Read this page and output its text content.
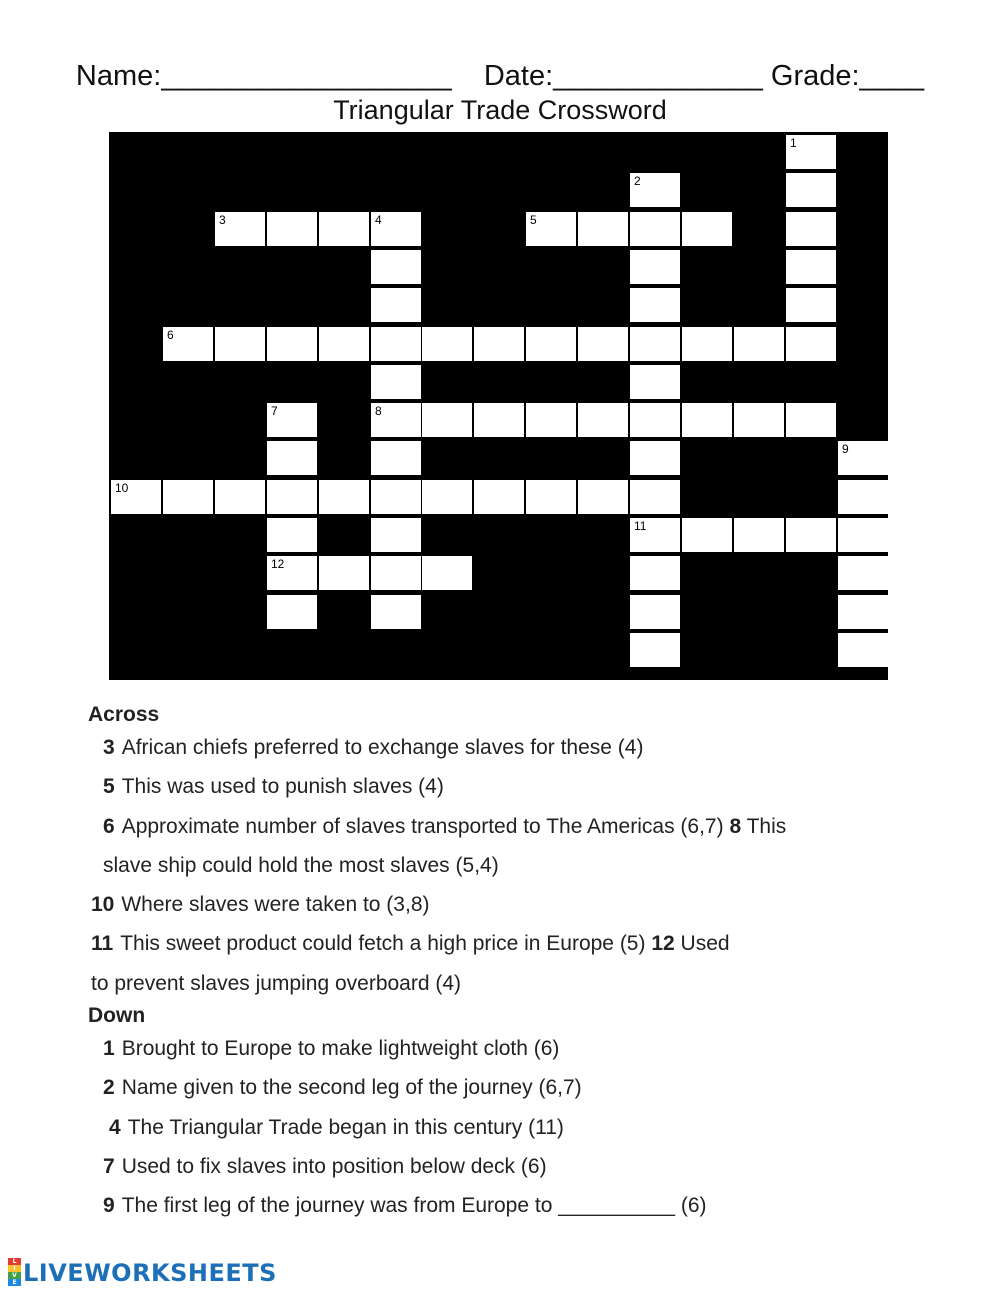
Name:__________________    Date:_____________ Grade:____
Triangular Trade Crossword
1
2
3	4	5
6
7	8
9
10
11
12
Across
3 African chiefs preferred to exchange slaves for these (4)
5 This was used to punish slaves (4)
6 Approximate number of slaves transported to The Americas (6,7) 8 This
slave ship could hold the most slaves (5,4)
10 Where slaves were taken to (3,8)
11 This sweet product could fetch a high price in Europe (5) 12 Used
to prevent slaves jumping overboard (4)
Down
1 Brought to Europe to make lightweight cloth (6)
2 Name given to the second leg of the journey (6,7)
4 The Triangular Trade began in this century (11)
7 Used to fix slaves into position below deck (6)
9 The first leg of the journey was from Europe to __________ (6)
L
I
V
E LIVEWORKSHEETS
